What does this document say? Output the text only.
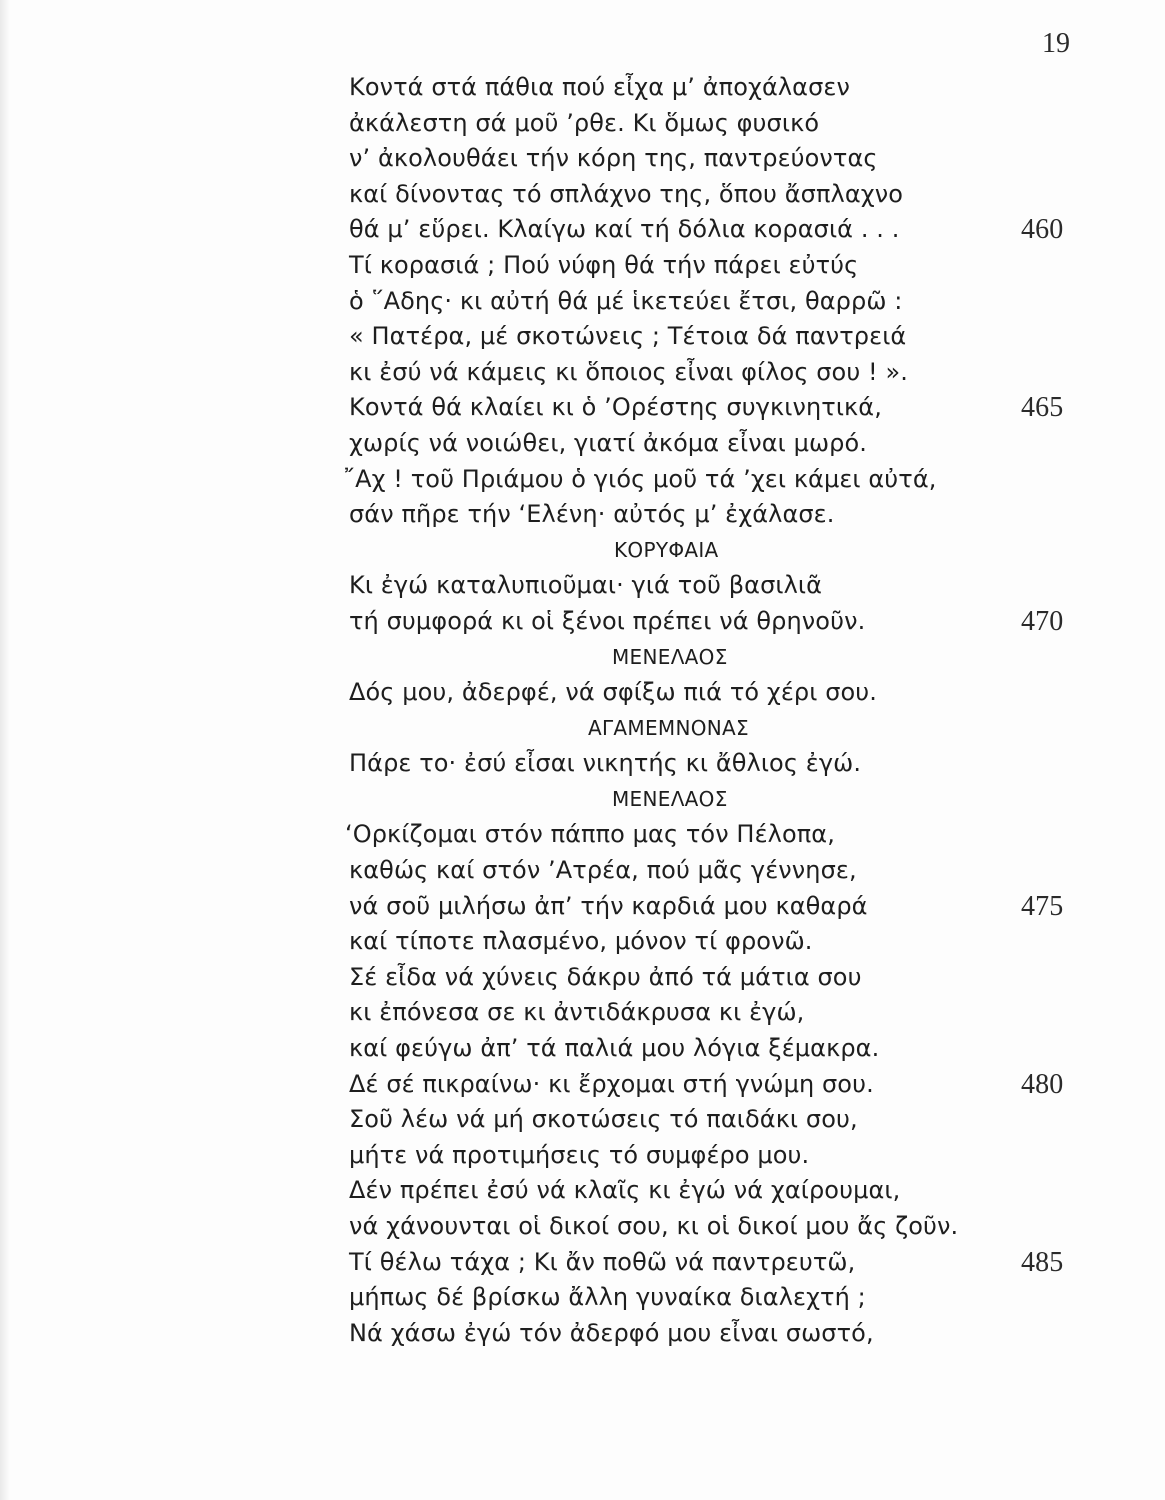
19
Κοντά στά πάθια πού εἶχα μ’ ἀποχάλασεν
ἀκάλεστη σά μοῦ ’ρθε. Κι ὅμως φυσικό
ν’ ἀκολουθάει τήν κόρη της, παντρεύοντας
καί δίνοντας τό σπλάχνο της, ὅπου ἄσπλαχνο
θά μ’ εὕρει. Κλαίγω καί τή δόλια κορασιά . . .	460
Τί κορασιά ; Πού νύφη θά τήν πάρει εὐτύς
ὁ ῞Αδης· κι αὐτή θά μέ ἱκετεύει ἔτσι, θαρρῶ :
« Πατέρα, μέ σκοτώνεις ; Τέτοια δά παντρειά
κι ἐσύ νά κάμεις κι ὅποιος εἶναι φίλος σου ! ».
Κοντά θά κλαίει κι ὁ ’Ορέστης συγκινητικά,	465
χωρίς νά νοιώθει, γιατί ἀκόμα εἶναι μωρό.
῎Αχ ! τοῦ Πριάμου ὁ γιός μοῦ τά ’χει κάμει αὐτά,
σάν πῆρε τήν ‘Ελένη· αὐτός μ’ ἐχάλασε.
ΚΟΡΥΦΑΙΑ
Κι ἐγώ καταλυπιοῦμαι· γιά τοῦ βασιλιᾶ
τή συμφορά κι οἱ ξένοι πρέπει νά θρηνοῦν.	470
ΜΕΝΕΛΑΟΣ
Δός μου, ἀδερφέ, νά σφίξω πιά τό χέρι σου.
ΑΓΑΜΕΜΝΟΝΑΣ
Πάρε το· ἐσύ εἶσαι νικητής κι ἄθλιος ἐγώ.
ΜΕΝΕΛΑΟΣ
‘Ορκίζομαι στόν πάππο μας τόν Πέλοπα,
καθώς καί στόν ’Ατρέα, πού μᾶς γέννησε,
νά σοῦ μιλήσω ἀπ’ τήν καρδιά μου καθαρά	475
καί τίποτε πλασμένο, μόνον τί φρονῶ.
Σέ εἶδα νά χύνεις δάκρυ ἀπό τά μάτια σου
κι ἐπόνεσα σε κι ἀντιδάκρυσα κι ἐγώ,
καί φεύγω ἀπ’ τά παλιά μου λόγια ξέμακρα.
Δέ σέ πικραίνω· κι ἔρχομαι στή γνώμη σου.	480
Σοῦ λέω νά μή σκοτώσεις τό παιδάκι σου,
μήτε νά προτιμήσεις τό συμφέρο μου.
Δέν πρέπει ἐσύ νά κλαῖς κι ἐγώ νά χαίρουμαι,
νά χάνουνται οἱ δικοί σου, κι οἱ δικοί μου ἄς ζοῦν.
Τί θέλω τάχα ; Κι ἄν ποθῶ νά παντρευτῶ,	485
μήπως δέ βρίσκω ἄλλη γυναίκα διαλεχτή ;
Νά χάσω ἐγώ τόν ἀδερφό μου εἶναι σωστό,
